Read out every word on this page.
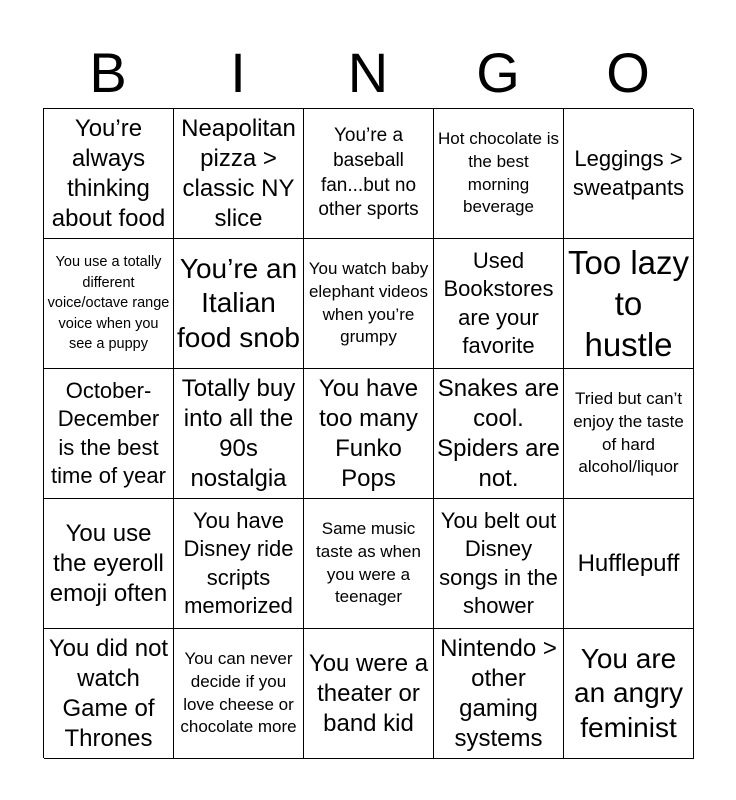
B	I	N	G	O
You’re always thinking about food
Neapolitan pizza > classic NY slice
You’re a baseball fan...but no other sports
Hot chocolate is the best morning beverage
Leggings > sweatpants
You use a totally different voice/octave range voice when you see a puppy
You’re an Italian food snob
You watch baby elephant videos when you’re grumpy
Used Bookstores are your favorite
Too lazy to hustle
October-December is the best time of year
Totally buy into all the 90s nostalgia
You have too many Funko Pops
Snakes are cool. Spiders are not.
Tried but can’t enjoy the taste of hard alcohol/liquor
You use the eyeroll emoji often
You have Disney ride scripts memorized
Same music taste as when you were a teenager
You belt out Disney songs in the shower
Hufflepuff
You did not watch Game of Thrones
You can never decide if you love cheese or chocolate more
You were a theater or band kid
Nintendo > other gaming systems
You are an angry feminist
